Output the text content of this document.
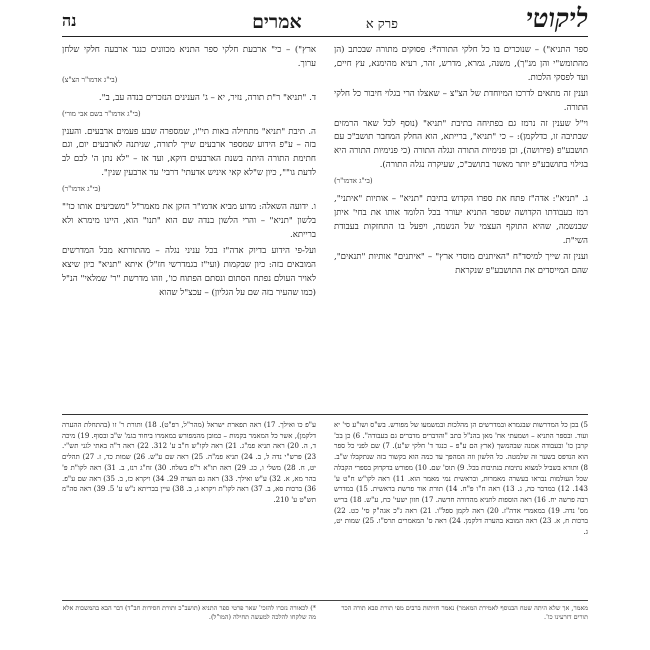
ליקוטי
פרק א אמרים
נה

ספר התניא") – שנוכרים בו כל חלקי התורה*: פסוקים מתורה שבכתב (הן מהתומש"י והן מנ"ך), משנה, גמרא, מדרש, זהר, רעיא מהימנא, עץ חיים, ועד לפסקי הלכות.

וענין זה מתאים לדרכו המיוחדת של הצ"צ – שאצלו הרי בגלוי חיבור כל חלקי התורה.

וי"ל שענין זה נרמז גם בפתיחה בתיבת "תניא" (נוסף לכל שאר הרמזים שבתיבה זו, כדלקמן): – כי "תניא", ברייתא, הוא החלק המחבר תושב"כ עם תושבע"פ (פירושה), וכן פנימיות התורה ונגלה התורה (כי פנימיות התורה היא בגילוי בתושבע"פ יותר מאשר בתושב"כ, שעיקרה נגלה התורה).

(בי"ג אדמו"ר)

ג. "תניא": אדה"ז פתח את ספרו הקדוש בתיבת "תניא" – אותיות "איתני", רמז בעבודתו הקדושה שספר התניא יעורר בכל הלומד אותו את בחי' איתן שבנשמה, שהיא התוקף העצמי של הנשמה, ויפעל בו התחזקות בעבודת השי"ת.

וענין זה שייך למיסד"ח "האיתנים מוסדי ארץ" – "איתנים" אותיות "תנאים", שהם המייסדים את התושבע"פ שנקראת

ארץ") – כי" ארבעת חלקי ספר התניא מכוונים כנגד ארבעה חלקי שלחן ערוך.

(בי"ג אדמו"ר הצ"צ)

ד. "תניא" ר"ת תורה, נזיר, יא – ג' הענינים הנזכרים בנדה עב, ב".

(בי"ג אדמו"ר בשם אבי מורי)

ה. תיבת "תניא" מתחילה באות תי"ו, שמספרה שבע פעמים ארבעים. והענין בזה – ע"פ הידוע שמספר ארבעים שייך לתורה, שניתנה לארבעים יום, וגם חתימת התורה היתה בשנת הארבעים דוקא, ועד אז – "לא נתן ה' לכם לב לדעת גו"", כיון ש"לא קאי איניש אדעתי' דרבי' עד ארבעין שנין".

(בי"ג אדמו"ר)

ו. ידועה השאלה: מדוע מביא אדמו"ר הזקן את מאמר"ל "משביעים אותו כו'" בלשון "תניא" – והרי הלשון בנדה שם הוא "תנו" הוא, היינו מימרא ולא ברייתא.

ועל-פי הידוע בדיוק אדה"ז בכל עניני נגלה – מהתורתא מבל המדרשים המובאים בזה: כיון שבקמות (ועי"ז בגמדרשי חז"ל) איתא "תניא" כיון שיצא לאויר העולם נפתח הסתום ונסתם הפתוח כו', וזהו מדרשת "ר' שמלאי" הנ"ל (כמו שהעיר בזה שם על הגליון) – עכצ"ל שהוא

5) בכן כל המדרשות שבגמרא ובמדרשים הן מהלכות ובמשמעו של מפורש. בש"ס ושו"ע סי' יא ועוד. ובספר התניא – ושמעתי אח' מאן בהנ"ל כתב "והדברים מדברים גם בעבודה". 6) כן בכ' קרבן כו' ובעבודה אמנה שבהמשך (ארץ הם ע"פ – כנגד ד' חלקי ש"ע). 7) שם לפני כל ספר הוא הנדפס בשער זה שלמטה. כל הלשון וזה המהפך עד כמה הוא בקשור בזה שנתקבלו ש"ב. 8) ותורא בשביל למצוא נתיבות בנתיבות בכל. 9) תוס' שם. 10) מפורש בדקדוק בספרי הקבלה שכל העולמות נבראו בעשרה מאמרות, ובראשית נמי מאמר הוא. 11) ראה לקו"ש ח"ט ע' 143. 12) במדבר כה, ג. 13) ראה ח"ו פ"ח. 14) תורת אור פרשת בראשית. 15) במדרש רבה פרשה יח. 16) ראה הוספות לתניא מהדורה חדשה. 17) חזון ישעי' כח, ע"ש. 18) בריש מס' נדה. 19) במאמרי אדה"ז. 20) ראה לקמן ספל"ו. 21) ראה ג"כ אגה"ק סי' כט. 22) ברכות ח, א. 23) ראה המובא בהערה דלקמן. 24) ראה ס' המאמרים תרס"ו. 25) שמות יט, ג.
ע"פ כו ואילך. 17) ראה תפארת ישראל (מהר"ל, רפ"ט). 18) ותורת ר' זו (בהתחלת ההערה דלקמן), אשר כל המאמר בקמות – כמובן מהמפורש במאמרו ביחוד בגמ' ש"ב ובסוף. 19) מיכה ד, ה. 20) ראה תניא פמ"ג. 21) ראה לקו"ש ח"ב ע' 312. 22) ראה ד"ה באתי לגני תש"י. 23) פרש"י נדה ל, ב. 24) תניא פמ"ה. 25) ראה שם ע"ש. 26) שמות כד, ז. 27) תהלים יט, ח. 28) משלי ו, כג. 29) ראה תו"א ר"פ בשלח. 30) זח"ג רנז, ב. 31) ראה לקו"ת פ' בהר מא, א. 32) ע"ש ואילך. 33) ראה גם הערה 29. 34) ויקרא כז, ב. 35) ראה שם ע"פ. 36) ברכות סא, ב. 37) ראה לקו"ת ויקרא ג, ב. 38) עיין בבריתא נ"ש ע' 5. 39) ראה סה"מ תש"ט ע' 210.
מאמר, אך שלא היתה שטח הבנוסף לאמירת המאמר) נאמר חזיתות ברבים מפי תורת סבא תורה הכר תורים דזרעינו כו'.
*) לכאורה נזכרו להזכי' שאר פרטי ספר התניא (תושב"כ ותורת חסידות חב"ד) דבר הבא בהמשכות אלא מה שלקחו להלכה למעשה תחילה (המו"ל).
